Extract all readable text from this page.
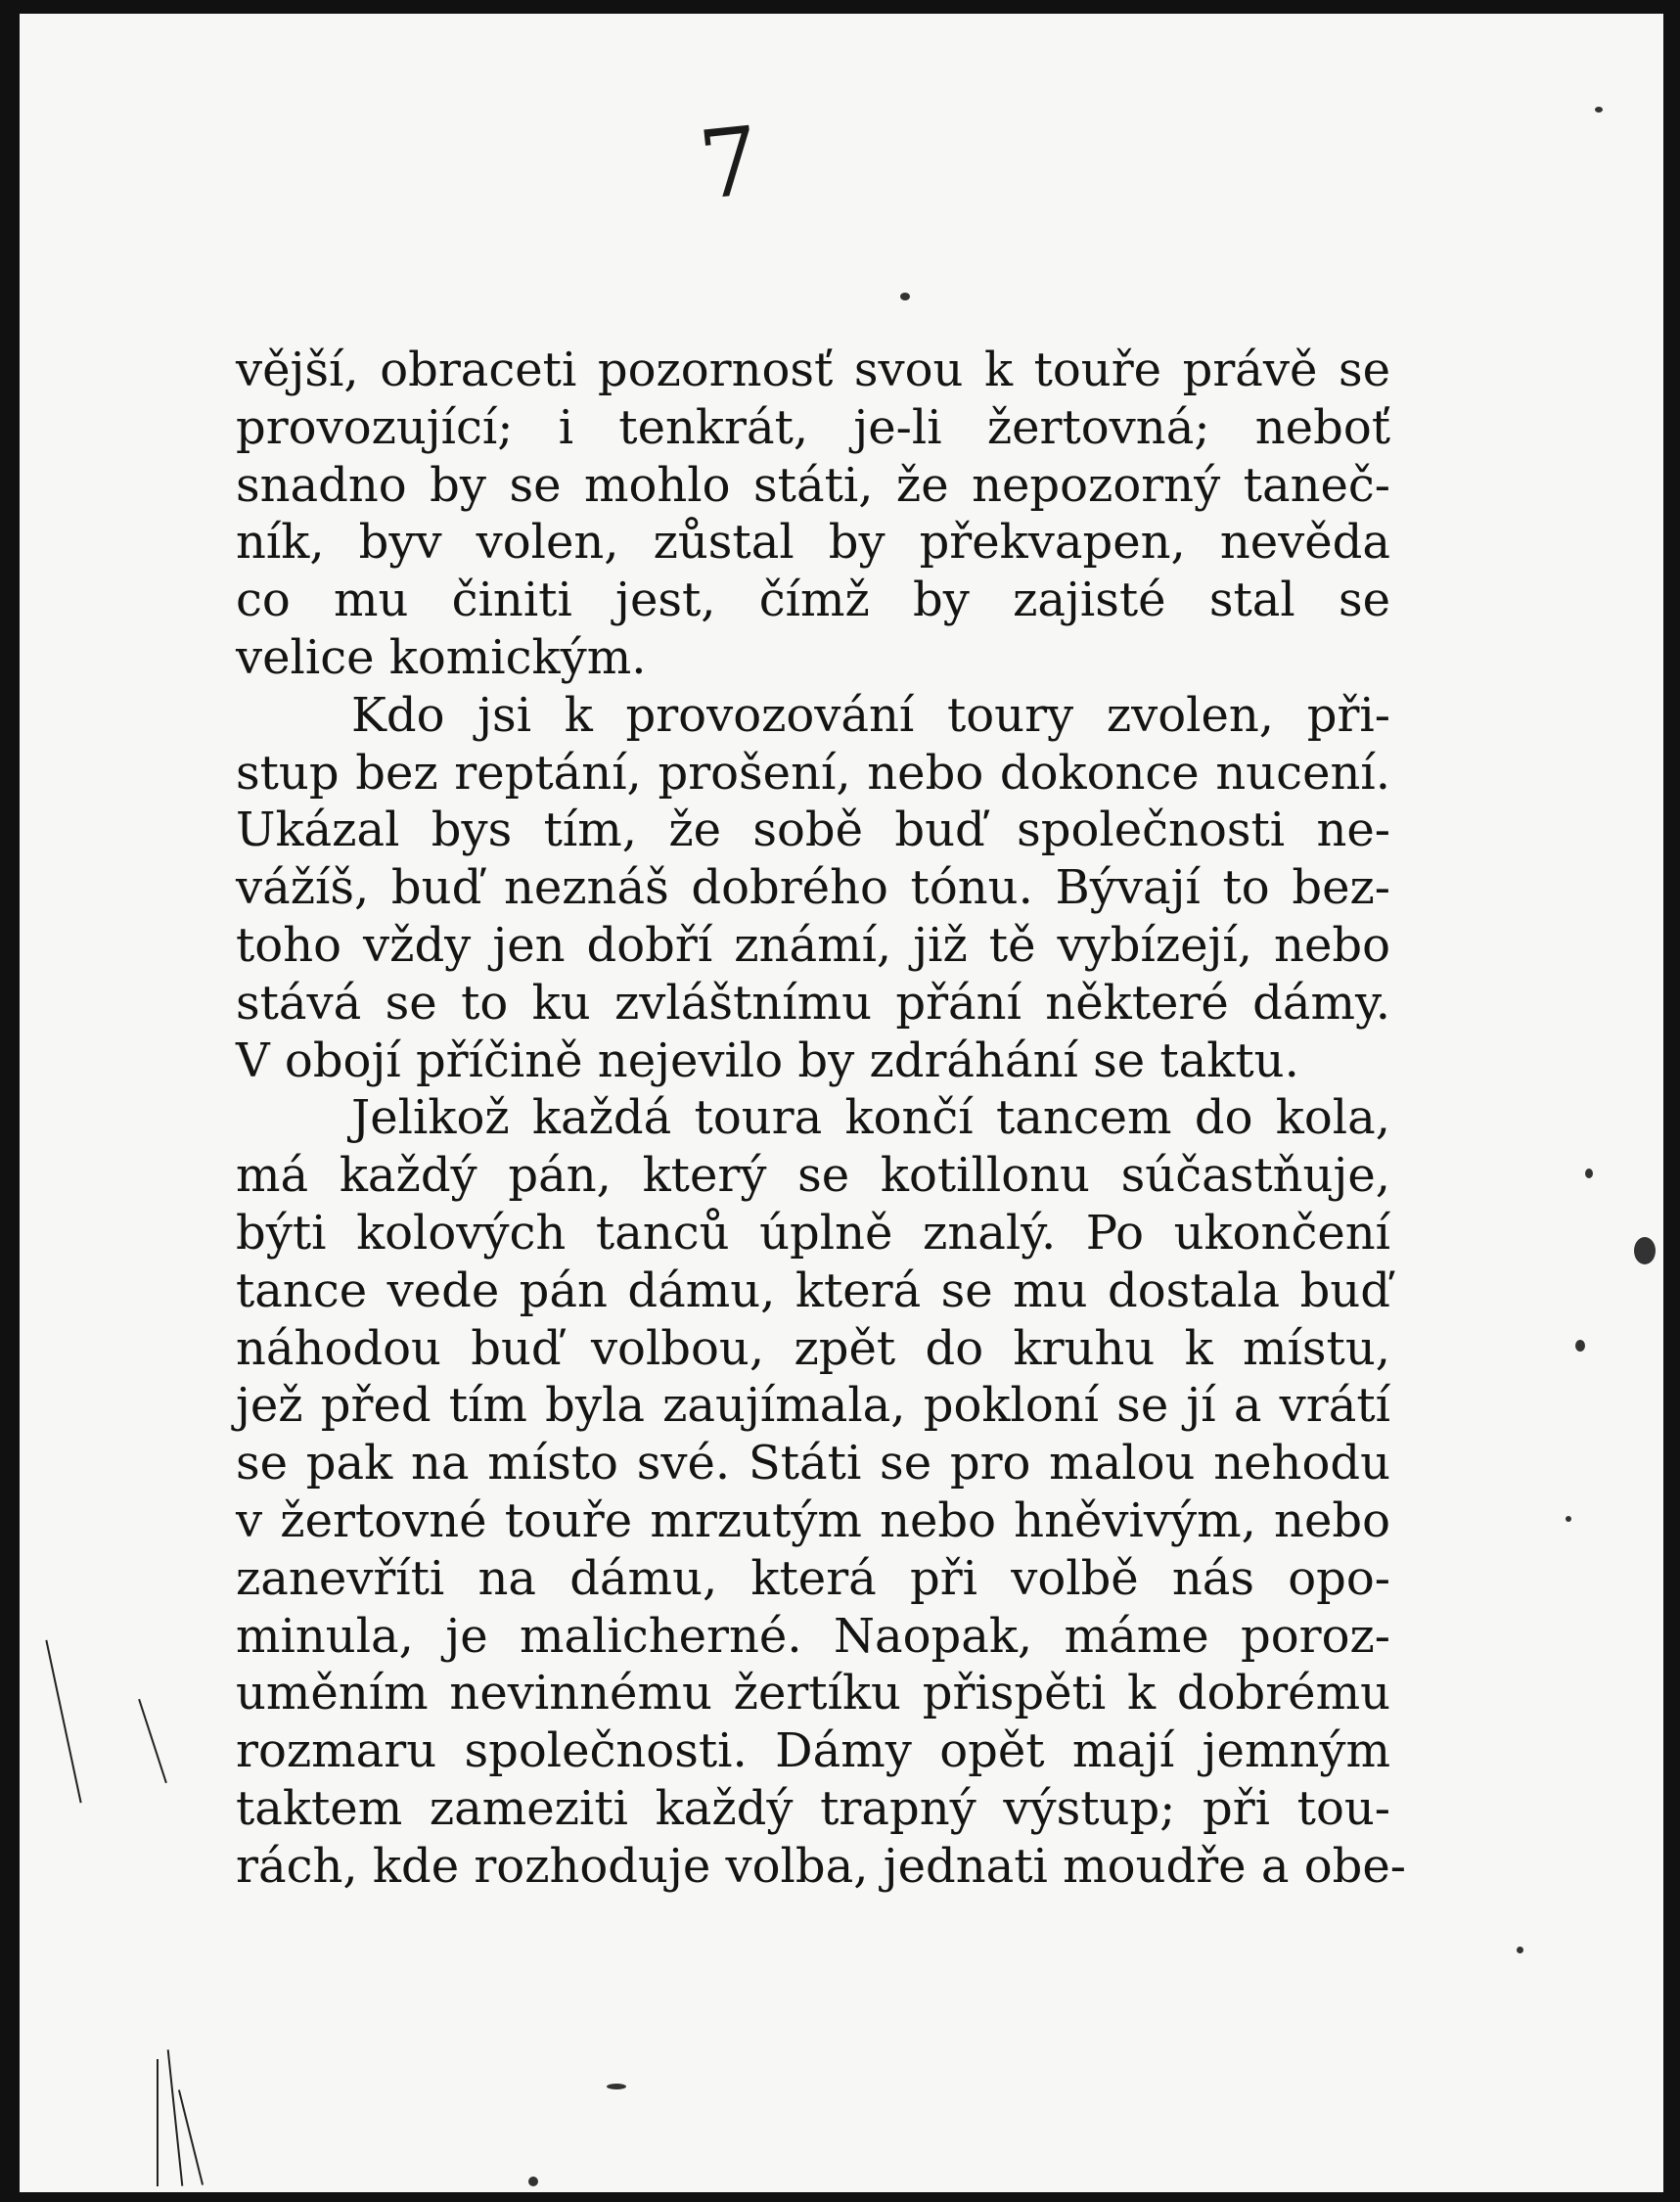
7
vější, obraceti pozornosť svou k touře právě se
provozující; i tenkrát, je-li žertovná; neboť
snadno by se mohlo státi, že nepozorný taneč-
ník, byv volen, zůstal by překvapen, nevěda
co mu činiti jest, čímž by zajisté stal se
velice komickým.
Kdo jsi k provozování toury zvolen, při-
stup bez reptání, prošení, nebo dokonce nucení.
Ukázal bys tím, že sobě buď společnosti ne-
vážíš, buď neznáš dobrého tónu. Bývají to bez-
toho vždy jen dobří známí, již tě vybízejí, nebo
stává se to ku zvláštnímu přání některé dámy.
V obojí příčině nejevilo by zdráhání se taktu.
Jelikož každá toura končí tancem do kola,
má každý pán, který se kotillonu súčastňuje,
býti kolových tanců úplně znalý. Po ukončení
tance vede pán dámu, která se mu dostala buď
náhodou buď volbou, zpět do kruhu k místu,
jež před tím byla zaujímala, pokloní se jí a vrátí
se pak na místo své. Státi se pro malou nehodu
v žertovné touře mrzutým nebo hněvivým, nebo
zanevříti na dámu, která při volbě nás opo-
minula, je malicherné. Naopak, máme poroz-
uměním nevinnému žertíku přispěti k dobrému
rozmaru společnosti. Dámy opět mají jemným
taktem zameziti každý trapný výstup; při tou-
rách, kde rozhoduje volba, jednati moudře a obe-
